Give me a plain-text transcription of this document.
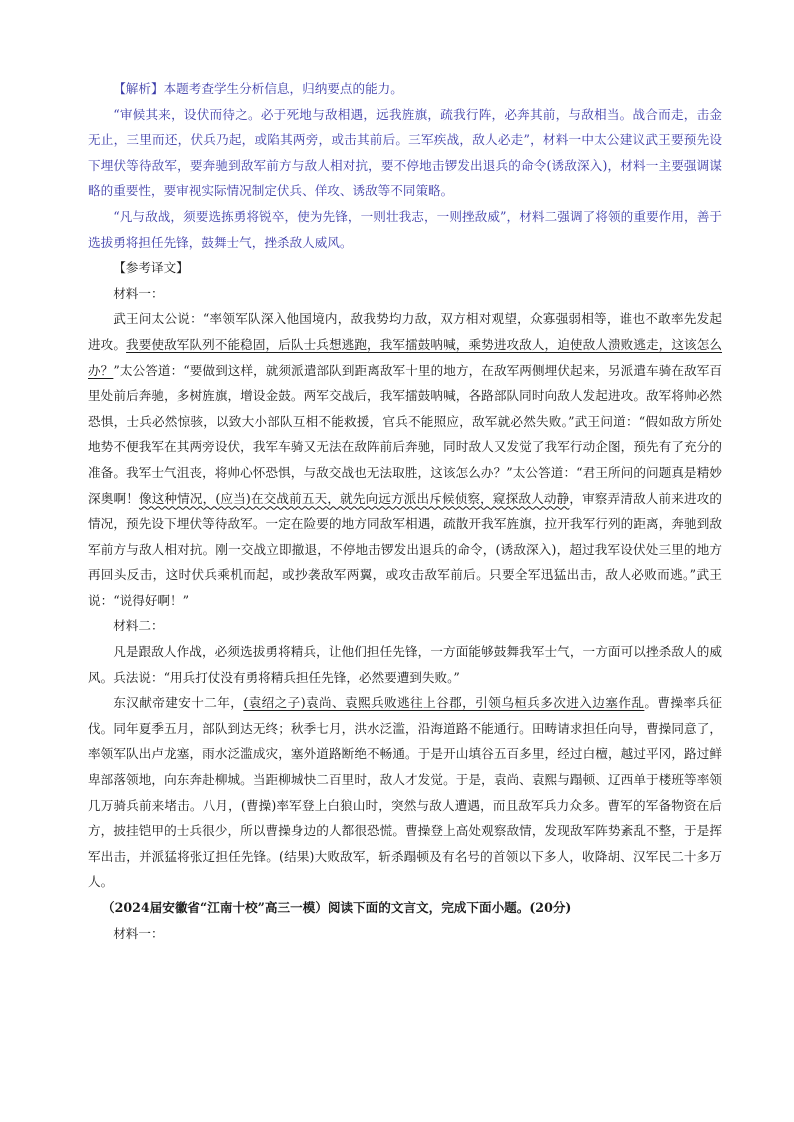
【解析】本题考查学生分析信息，归纳要点的能力。

“审候其来，设伏而待之。必于死地与敌相遇，远我旌旗，疏我行阵，必奔其前，与敌相当。战合而走，击金无止，三里而还，伏兵乃起，或陷其两旁，或击其前后。三军疾战，敌人必走”，材料一中太公建议武王要预先设下埋伏等待敌军，要奔驰到敌军前方与敌人相对抗，要不停地击锣发出退兵的命令(诱敌深入)，材料一主要强调谋略的重要性，要审视实际情况制定伏兵、佯攻、诱敌等不同策略。

“凡与敌战，须要选拣勇将锐卒，使为先锋，一则壮我志，一则挫敌威”，材料二强调了将领的重要作用，善于选拔勇将担任先锋，鼓舞士气，挫杀敌人威风。

【参考译文】

材料一：

武王问太公说：“率领军队深入他国境内，敌我势均力敌，双方相对观望，众寡强弱相等，谁也不敢率先发起进攻。我要使敌军队列不能稳固，后队士兵想逃跑，我军擂鼓呐喊，乘势进攻敌人，迫使敌人溃败逃走，这该怎么办？”太公答道：“要做到这样，就须派遣部队到距离敌军十里的地方，在敌军两侧埋伏起来，另派遣车骑在敌军百里处前后奔驰，多树旌旗，增设金鼓。两军交战后，我军擂鼓呐喊，各路部队同时向敌人发起进攻。敌军将帅必然恐惧，士兵必然惊骇，以致大小部队互相不能救援，官兵不能照应，敌军就必然失败。”武王问道：“假如敌方所处地势不便我军在其两旁设伏，我军车骑又无法在敌阵前后奔驰，同时敌人又发觉了我军行动企图，预先有了充分的准备。我军士气沮丧，将帅心怀恐惧，与敌交战也无法取胜，这该怎么办？”太公答道：“君王所问的问题真是精妙深奥啊！像这种情况，(应当)在交战前五天，就先向远方派出斥候侦察，窥探敌人动静，审察弄清敌人前来进攻的情况，预先设下埋伏等待敌军。一定在险要的地方同敌军相遇，疏散开我军旌旗，拉开我军行列的距离，奔驰到敌军前方与敌人相对抗。刚一交战立即撤退，不停地击锣发出退兵的命令，(诱敌深入)，超过我军设伏处三里的地方再回头反击，这时伏兵乘机而起，或抄袭敌军两翼，或攻击敌军前后。只要全军迅猛出击，敌人必败而逃。”武王说：“说得好啊！”

材料二：

凡是跟敌人作战，必须选拔勇将精兵，让他们担任先锋，一方面能够鼓舞我军士气，一方面可以挫杀敌人的威风。兵法说：“用兵打仗没有勇将精兵担任先锋，必然要遭到失败。”

东汉献帝建安十二年，(袁绍之子)袁尚、袁熙兵败逃往上谷郡，引领乌桓兵多次进入边塞作乱。曹操率兵征伐。同年夏季五月，部队到达无终；秋季七月，洪水泛滥，沿海道路不能通行。田畴请求担任向导，曹操同意了，率领军队出卢龙塞，雨水泛滥成灾，塞外道路断绝不畅通。于是开山填谷五百多里，经过白檀，越过平冈，路过鲜卑部落领地，向东奔赴柳城。当距柳城快二百里时，敌人才发觉。于是，袁尚、袁熙与蹋顿、辽西单于楼班等率领几万骑兵前来堵击。八月，(曹操)率军登上白狼山时，突然与敌人遭遇，而且敌军兵力众多。曹军的军备物资在后方，披挂铠甲的士兵很少，所以曹操身边的人都很恐慌。曹操登上高处观察敌情，发现敌军阵势紊乱不整，于是挥军出击，并派猛将张辽担任先锋。(结果)大败敌军，斩杀蹋顿及有名号的首领以下多人，收降胡、汉军民二十多万人。

（2024届安徽省“江南十校”高三一模）阅读下面的文言文，完成下面小题。(20分)

材料一：
